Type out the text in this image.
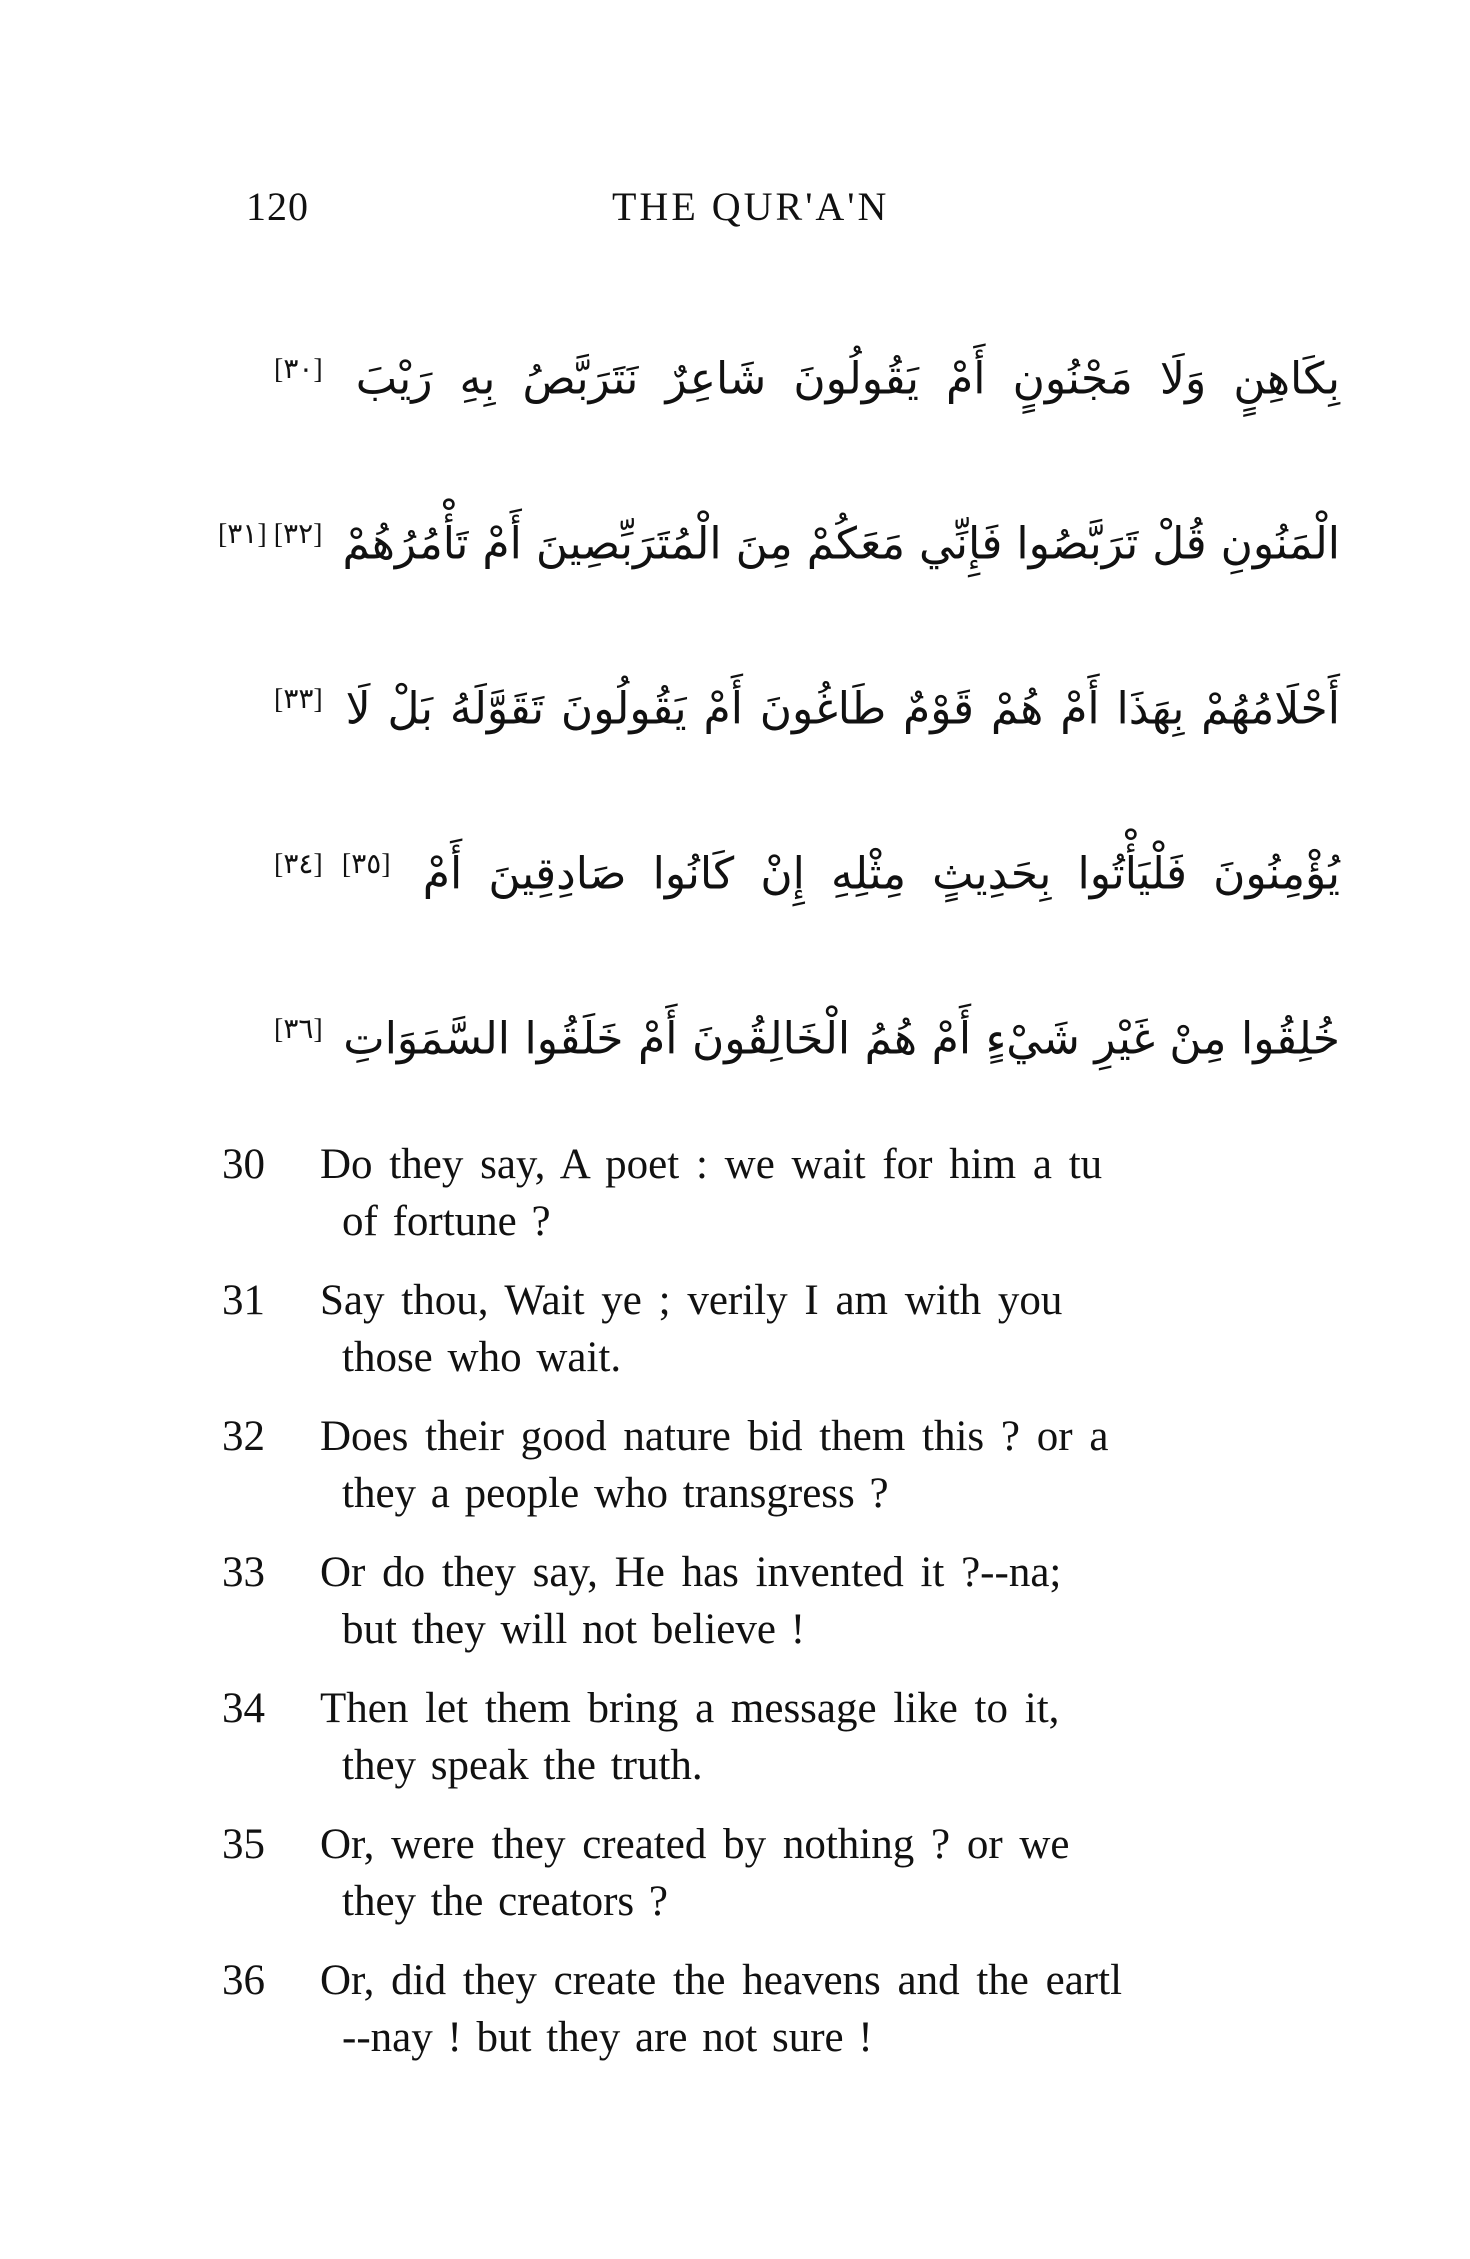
120	THE QUR'A'N
بِكَاهِنٍ وَلَا مَجْنُونٍ أَمْ يَقُولُونَ شَاعِرٌ نَتَرَبَّصُ بِهِ رَيْبَ [٣٠]
الْمَنُونِ قُلْ تَرَبَّصُوا فَإِنِّي مَعَكُمْ مِنَ الْمُتَرَبِّصِينَ أَمْ تَأْمُرُهُمْ [٣١] [٣٢]
أَحْلَامُهُمْ بِهَذَا أَمْ هُمْ قَوْمٌ طَاغُونَ أَمْ يَقُولُونَ تَقَوَّلَهُ بَلْ لَا [٣٣]
يُؤْمِنُونَ فَلْيَأْتُوا بِحَدِيثٍ مِثْلِهِ إِنْ كَانُوا صَادِقِينَ أَمْ [٣٤] [٣٥]
خُلِقُوا مِنْ غَيْرِ شَيْءٍ أَمْ هُمُ الْخَالِقُونَ أَمْ خَلَقُوا السَّمَوَاتِ [٣٦]
30	Do they say, A poet : we wait for him a tu
of fortune ?
31	Say thou, Wait ye ; verily I am with you
those who wait.
32	Does their good nature bid them this ? or a
they a people who transgress ?
33	Or do they say, He has invented it ?--na;
but they will not believe !
34	Then let them bring a message like to it,
they speak the truth.
35	Or, were they created by nothing ? or we
they the creators ?
36	Or, did they create the heavens and the eartl
--nay ! but they are not sure !
